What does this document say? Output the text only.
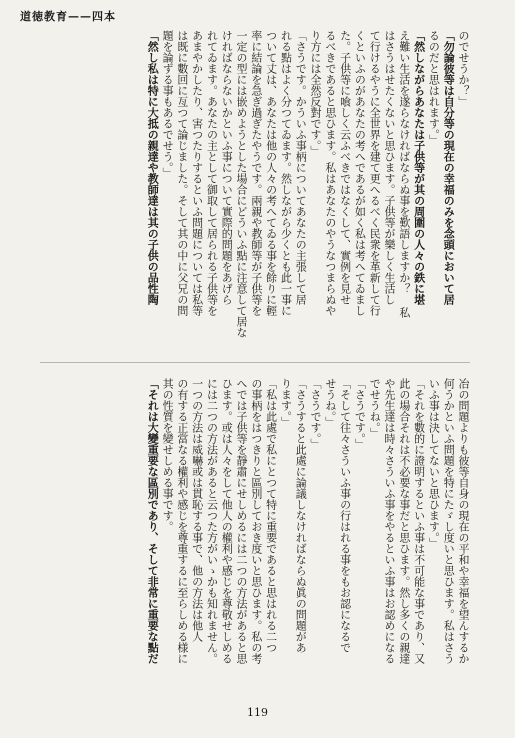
道徳教育——四本
のでせうか？」
「勿論彼等は自分等の現在の幸福のみを念頭において居
るのだと思はれます。」
「然しながらあなたは子供等が其の周圍の人々の鉄に堪
え難い生活を遂らなければならぬ事を歎語しますか？ 私
はさうはせたくないと思ひます。子供等が樂しく生活し
て行けるやうに全世界を建て更へるべく民衆を革新して行
くといふのがあなたの考へであるが如く私は考へてゐまし
た。子供等に喰しく云ふべきではなくして、實例を見せ
るべきであると思ひます。私はあなたのやうなつまらぬや
り方には全然反對です。」
「さうです。かういふ事柄についてあなたの主張して居
れる點はよく分つてゐます。然しながら少くとも此一事に
ついて丈は、あなたは他の人々の考へてゐる事を餘りに輕
率に結論を急ぎ過ぎたやうです。兩親や教師等が子供等を
一定の型には嵌めようとした場合にどういふ點に注意して居な
ければならないかといふ事について實際的問題をあげら
れてゐます。あなたの主として御取して居られる子供等を
あまやかしたり、害つたりするといふ問題については私等
は既に數回に亙つて論じました。そして其の中に父兄の問
題を論ずる事もあるでせう。」
「然し私は特に大抵の親達や教師達は其の子供の品性陶
冶の問題よりも彼等自身の現在の平和や幸福を望んするか
何うかといふ問題を特にたゞし度いと思ひます。私はさう
いふ事は決してないと思ひます。」
「それを數的に證明するといふ事は不可能な事であり、又
此の場合それは不必要な事だと思ひます。然し多くの親達
や先生達は時々さういふ事をやるといふ事はお認めになる
でせうね。」
「さうです。」
「そして往々さういふ事の行はれる事をもお認になるで
せうね。」
「さうです。」
「さうすると此處に論議しなければならぬ眞の問題があ
ります。」
「私は此處で私にとつて特に重要であると思はれる二つ
の事柄をはつきりと區別しておき度いと思ひます。私の考
へでは子供等を靜肅にせしめるには二つの方法があると思
ひます。或は人々をして他人の權利や感じを尊敬せしめる
には二つの方法があると云つた方がいゝかも知れません。
一つの方法は威嚇或は貫恥する事で、他の方法は他人
の有する正當なる權利や感じを尊重するに至らしめる様に
其の性質を變せしめる事です。
「それは大變重要な區別であり、そして非常に重要な點だ
119
